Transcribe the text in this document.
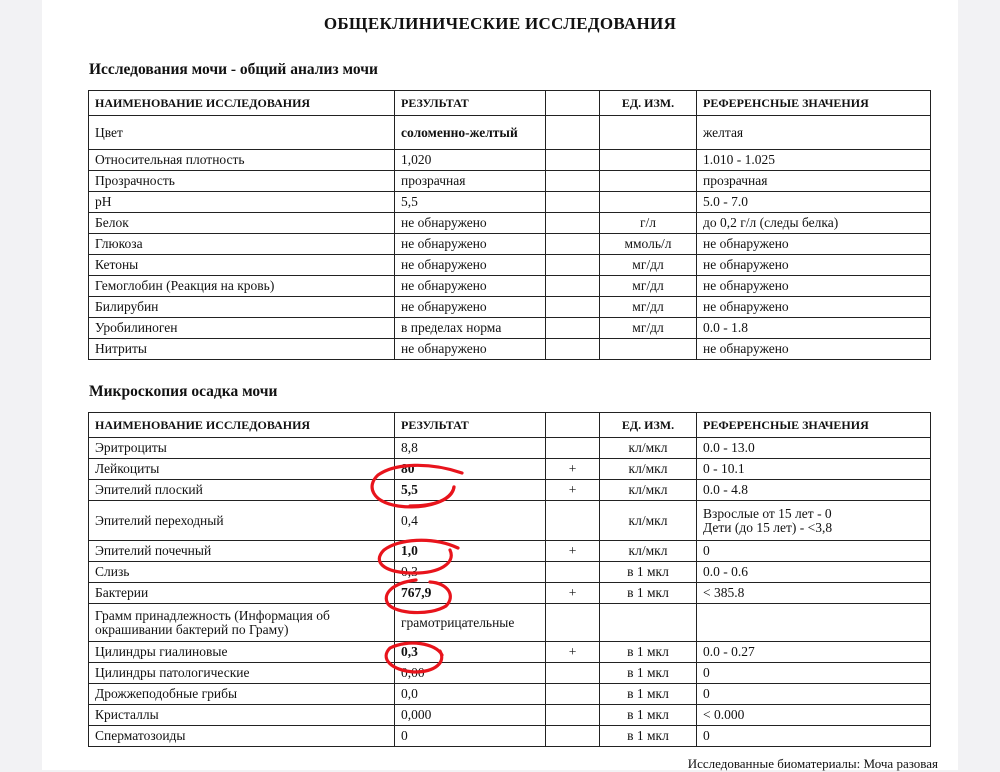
ОБЩЕКЛИНИЧЕСКИЕ ИССЛЕДОВАНИЯ
Исследования мочи - общий анализ мочи
НАИМЕНОВАНИЕ ИССЛЕДОВАНИЯ	РЕЗУЛЬТАТ		ЕД. ИЗМ.	РЕФЕРЕНСНЫЕ ЗНАЧЕНИЯ
Цвет	соломенно-желтый			желтая
Относительная плотность	1,020			1.010 - 1.025
Прозрачность	прозрачная			прозрачная
pH	5,5			5.0 - 7.0
Белок	не обнаружено		г/л	до 0,2 г/л (следы белка)
Глюкоза	не обнаружено		ммоль/л	не обнаружено
Кетоны	не обнаружено		мг/дл	не обнаружено
Гемоглобин (Реакция на кровь)	не обнаружено		мг/дл	не обнаружено
Билирубин	не обнаружено		мг/дл	не обнаружено
Уробилиноген	в пределах нормa		мг/дл	0.0 - 1.8
Нитриты	не обнаружено			не обнаружено
Микроскопия осадка мочи
НАИМЕНОВАНИЕ ИССЛЕДОВАНИЯ	РЕЗУЛЬТАТ		ЕД. ИЗМ.	РЕФЕРЕНСНЫЕ ЗНАЧЕНИЯ
Эритроциты	8,8		кл/мкл	0.0 - 13.0
Лейкоциты	80	+	кл/мкл	0 - 10.1
Эпителий плоский	5,5	+	кл/мкл	0.0 - 4.8
Эпителий переходный	0,4		кл/мкл	Взрослые от 15 лет - 0
Дети (до 15 лет) - <3,8
Эпителий почечный	1,0	+	кл/мкл	0
Слизь	0,3		в 1 мкл	0.0 - 0.6
Бактерии	767,9	+	в 1 мкл	< 385.8
Грамм принадлежность (Информация об окрашивании бактерий по Граму)	грамотрицательные			
Цилиндры гиалиновые	0,3	+	в 1 мкл	0.0 - 0.27
Цилиндры патологические	0,00		в 1 мкл	0
Дрожжеподобные грибы	0,0		в 1 мкл	0
Кристаллы	0,000		в 1 мкл	< 0.000
Сперматозоиды	0		в 1 мкл	0
Исследованные биоматериалы: Моча разовая
